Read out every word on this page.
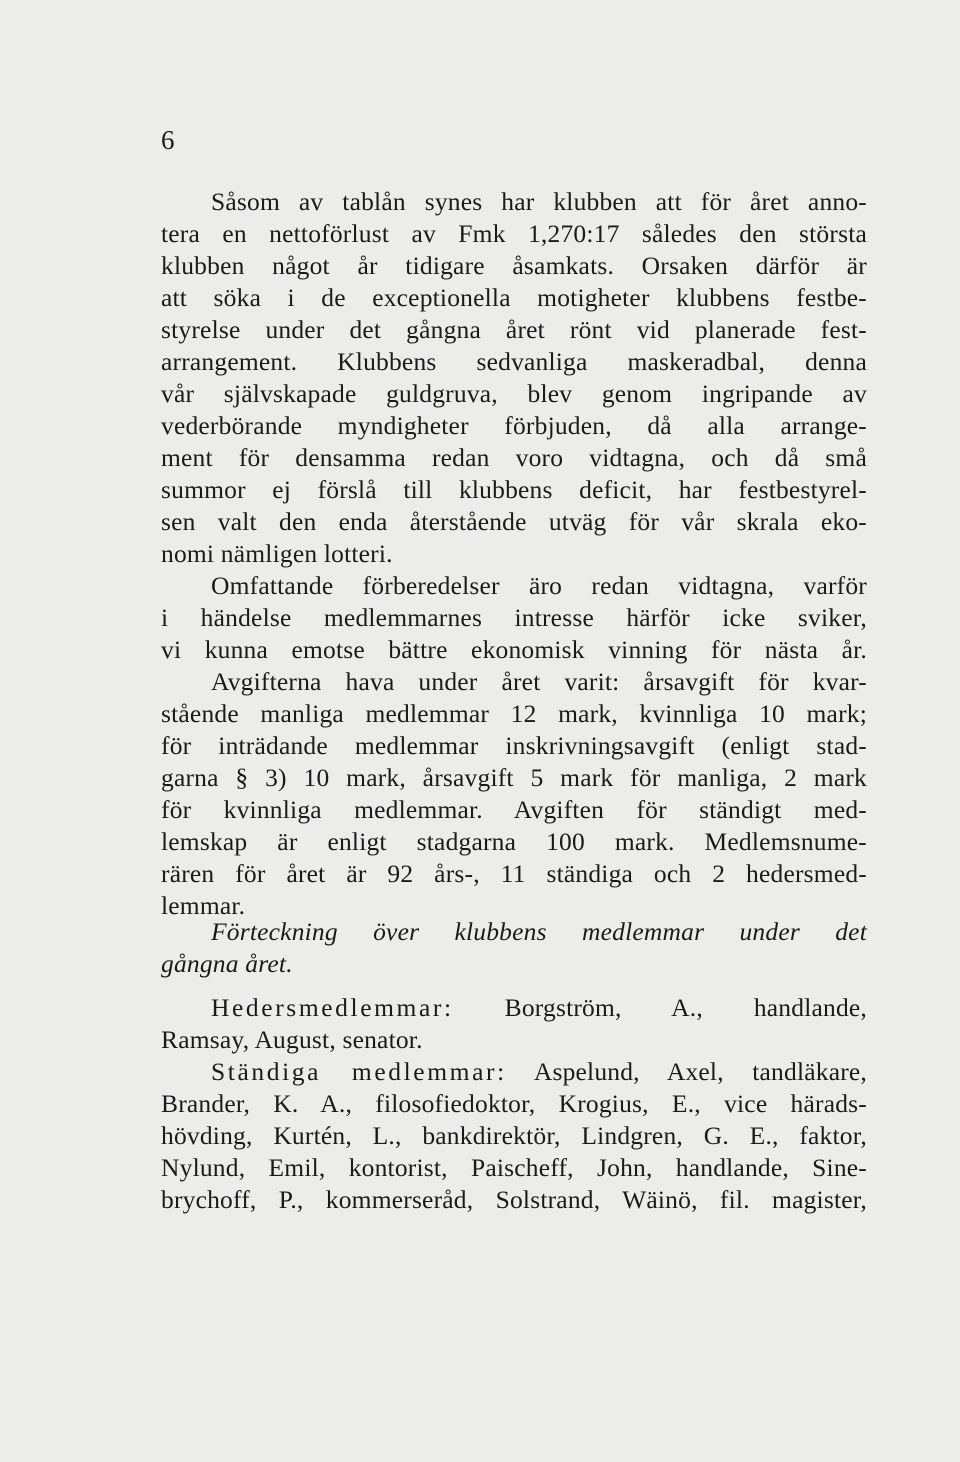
6
Såsom av tablån synes har klubben att för året anno-
tera en nettoförlust av Fmk 1,270:17 således den största
klubben något år tidigare åsamkats. Orsaken därför är
att söka i de exceptionella motigheter klubbens festbe-
styrelse under det gångna året rönt vid planerade fest-
arrangement. Klubbens sedvanliga maskeradbal, denna
vår självskapade guldgruva, blev genom ingripande av
vederbörande myndigheter förbjuden, då alla arrange-
ment för densamma redan voro vidtagna, och då små
summor ej förslå till klubbens deficit, har festbestyrel-
sen valt den enda återstående utväg för vår skrala eko-
nomi nämligen lotteri.
Omfattande förberedelser äro redan vidtagna, varför
i händelse medlemmarnes intresse härför icke sviker,
vi kunna emotse bättre ekonomisk vinning för nästa år.
Avgifterna hava under året varit: årsavgift för kvar-
stående manliga medlemmar 12 mark, kvinnliga 10 mark;
för inträdande medlemmar inskrivningsavgift (enligt stad-
garna § 3) 10 mark, årsavgift 5 mark för manliga, 2 mark
för kvinnliga medlemmar. Avgiften för ständigt med-
lemskap är enligt stadgarna 100 mark. Medlemsnume-
rären för året är 92 års-, 11 ständiga och 2 hedersmed-
lemmar.
Förteckning över klubbens medlemmar under det
gångna året.
Hedersmedlemmar: Borgström, A., handlande,
Ramsay, August, senator.
Ständiga medlemmar: Aspelund, Axel, tandläkare,
Brander, K. A., filosofiedoktor, Krogius, E., vice härads-
hövding, Kurtén, L., bankdirektör, Lindgren, G. E., faktor,
Nylund, Emil, kontorist, Paischeff, John, handlande, Sine-
brychoff, P., kommerseråd, Solstrand, Wäinö, fil. magister,
